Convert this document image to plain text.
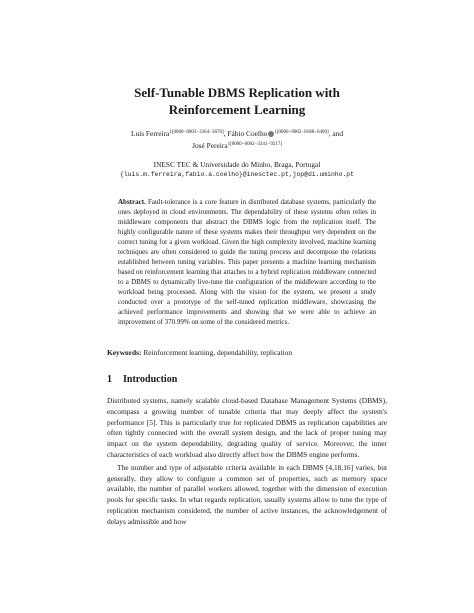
Self-Tunable DBMS Replication with
Reinforcement Learning
Luís Ferreira$^{1[0000-0003-3364-3670]}$, Fábio Coelho $^{1[0000-0002-0188-6400]}$, and
José Pereira$^{1[0000-0002-3341-9217]}$
INESC TEC & Universidade do Minho, Braga, Portugal
{luis.m.ferreira,fabio.a.coelho}@inesctec.pt,jop@di.uminho.pt
Abstract. Fault-tolerance is a core feature in distributed database systems, particularly the ones deployed in cloud environments. The dependability of these systems often relies in middleware components that abstract the DBMS logic from the replication itself. The highly configurable nature of these systems makes their throughput very dependent on the correct tuning for a given workload. Given the high complexity involved, machine learning techniques are often considered to guide the tuning process and decompose the relations established between tuning variables. This paper presents a machine learning mechanism based on reinforcement learning that attaches to a hybrid replication middleware connected to a DBMS to dynamically live-tune the configuration of the middleware according to the workload being processed. Along with the vision for the system, we present a study conducted over a prototype of the self-tuned replication middleware, showcasing the achieved performance improvements and showing that we were able to achieve an improvement of 370.99% on some of the considered metrics.
Keywords: Reinforcement learning, dependability, replication
1 Introduction

Distributed systems, namely scalable cloud-based Database Management Systems (DBMS), encompass a growing number of tunable criteria that may deeply affect the system's performance [5]. This is particularly true for replicated DBMS as replication capabilities are often tightly connected with the overall system design, and the lack of proper tuning may impact on the system dependability, degrading quality of service. Moreover, the inner characteristics of each workload also directly affect how the DBMS engine performs.

The number and type of adjustable criteria available in each DBMS [4,18,16] varies, but generally, they allow to configure a common set of properties, such as memory space available, the number of parallel workers allowed, together with the dimension of execution pools for specific tasks. In what regards replication, usually systems allow to tune the type of replication mechanism considered, the number of active instances, the acknowledgement of delays admissible and how
